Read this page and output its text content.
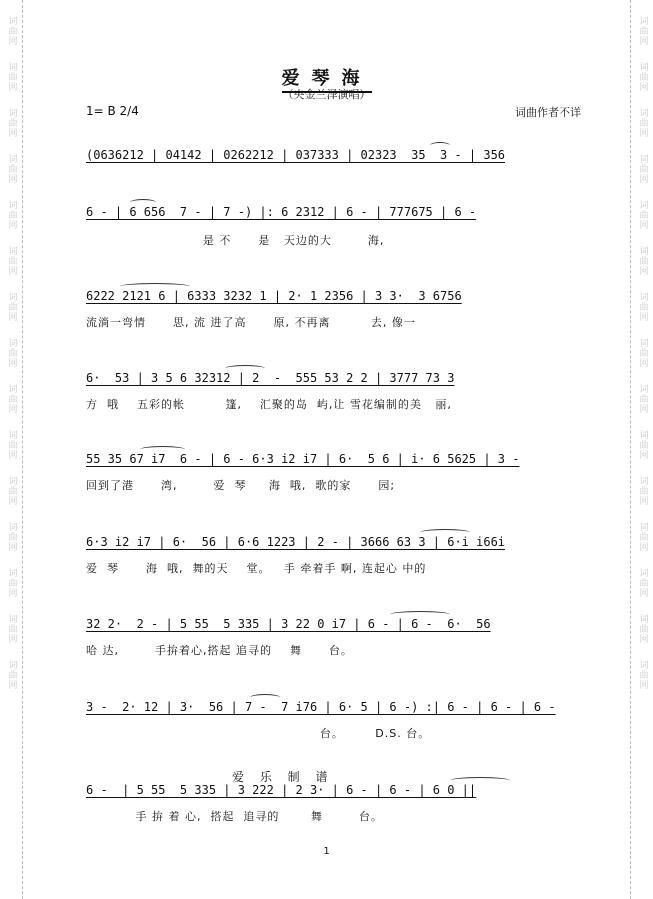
词曲网
词曲网
词曲网
词曲网
词曲网
词曲网
词曲网
词曲网
词曲网
词曲网
词曲网
词曲网
词曲网
词曲网
词曲网
词曲网
词曲网
词曲网
词曲网
词曲网
词曲网
词曲网
词曲网
词曲网
词曲网
词曲网
词曲网
词曲网
词曲网
词曲网
爱琴海
（央金兰泽演唱）
1= B 2/4	词曲作者不详
(0636212 | 04142 | 0262212 | 037333 | 02323  35  3 - | 356
6 - | 6 656  7 - | 7 -) |: 6 2312 | 6 - | 777675 | 6 -
是 不      是   天边的大        海,
6222 2121 6 | 6333 3232 1 | 2· 1 2356 | 3 3·  3 6756
流淌一弯情      思, 流 进了高      原, 不再离         去, 像一
6·  53 | 3 5 6 32312 | 2  -  555 53 2 2 | 3777 73 3
方  哦    五彩的帐         篷,    汇聚的岛  屿,让 雪花编制的美   丽,
55 35 67 i7  6 - | 6 - 6·3 i2 i7 | 6·  5 6 | i· 6 5625 | 3 -
回到了港      湾,        爱  琴     海  哦,  歌的家      园;
6·3 i2 i7 | 6·  56 | 6·6 1223 | 2 - | 3666 63 3 | 6·i i66i
爱  琴      海  哦,  舞的天    堂。   手 牵着手 啊, 连起心 中的
32 2·  2 - | 5 55  5 335 | 3 22 0 i7 | 6 - | 6 -  6·  56
哈 达,        手拚着心,搭起 追寻的    舞      台。
3 -  2· 12 | 3·  56 | 7 -  7 i76 | 6· 5 | 6 -) :| 6 - | 6 - | 6 -
台。       D.S. 台。
爱 乐 制 谱
6 -  | 5 55  5 335 | 3 222 | 2 3· | 6 - | 6 - | 6 0 ||
手 拚 着 心,  搭起  追寻的       舞        台。
1
